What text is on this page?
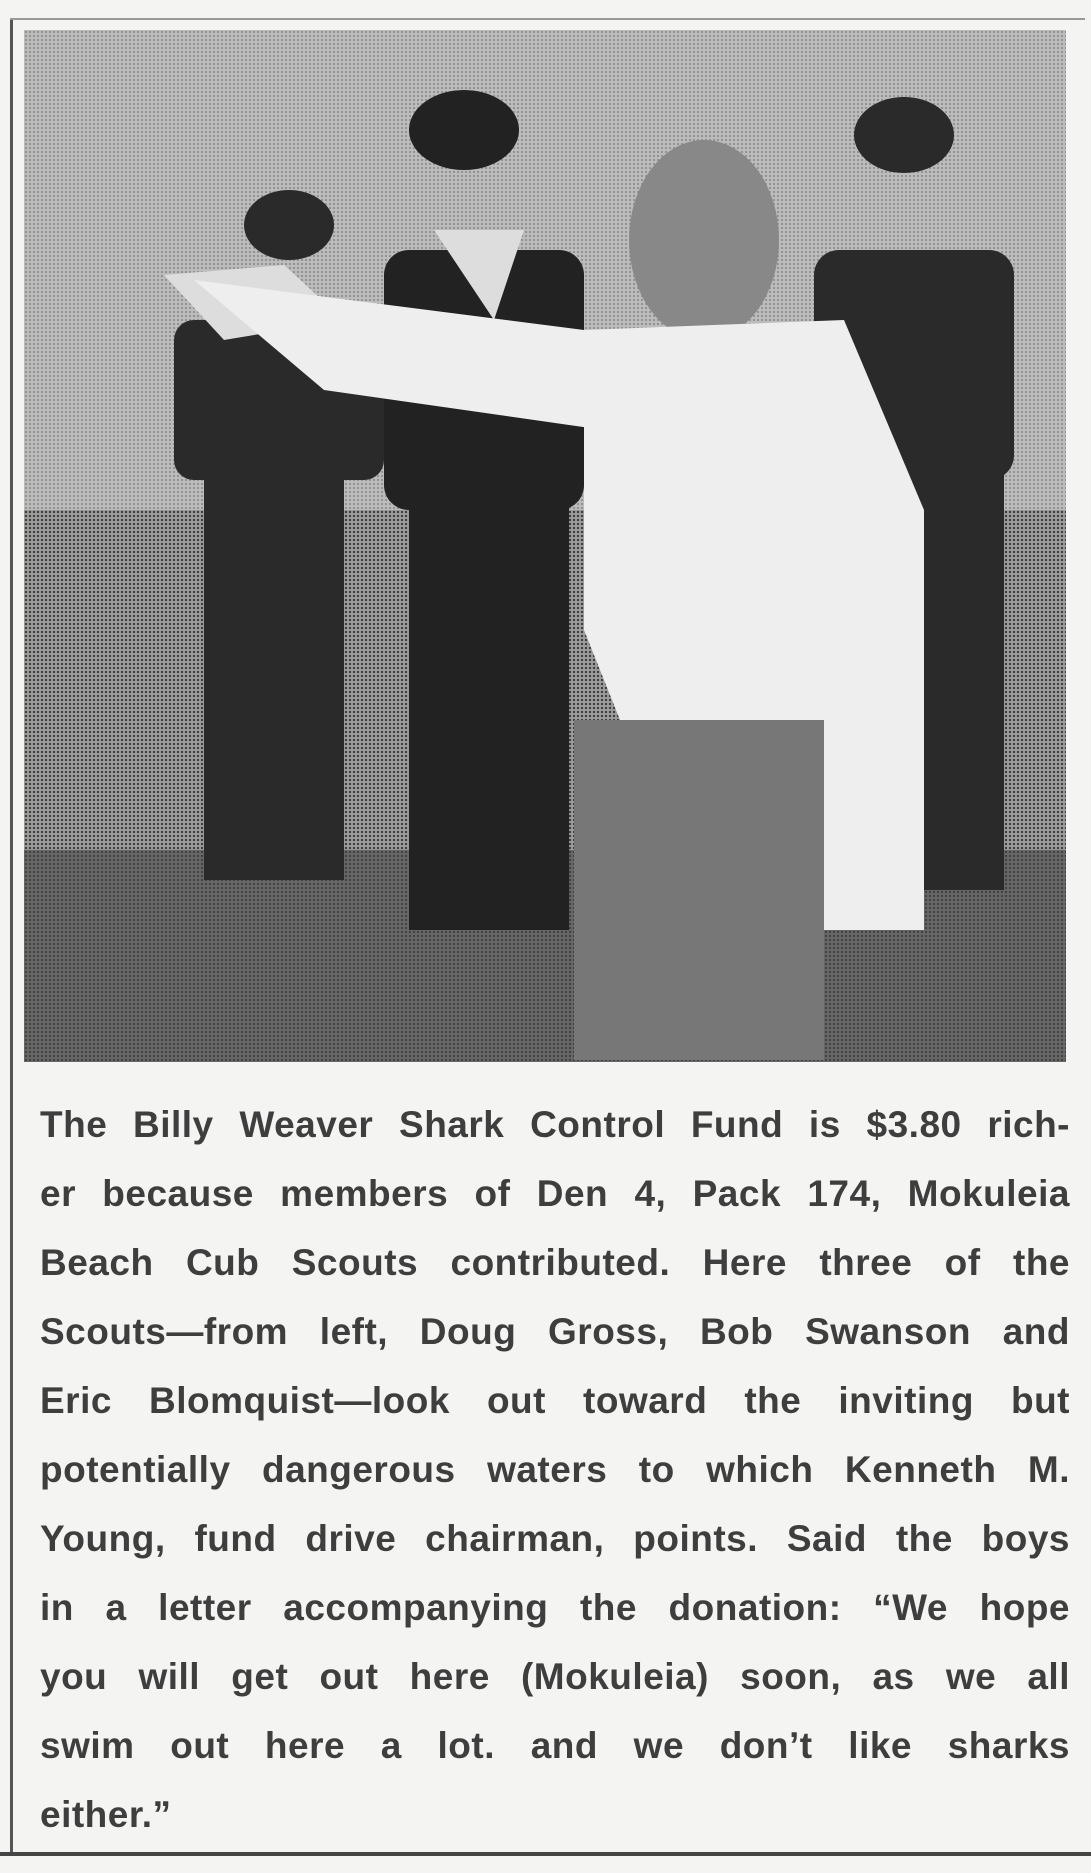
The Billy Weaver Shark Control Fund is $3.80 rich-
er because members of Den 4, Pack 174, Mokuleia
Beach Cub Scouts contributed. Here three of the
Scouts—from left, Doug Gross, Bob Swanson and
Eric Blomquist—look out toward the inviting but
potentially dangerous waters to which Kenneth M.
Young, fund drive chairman, points. Said the boys
in a letter accompanying the donation: “We hope
you will get out here (Mokuleia) soon, as we all
swim out here a lot. and we don’t like sharks
either.”
